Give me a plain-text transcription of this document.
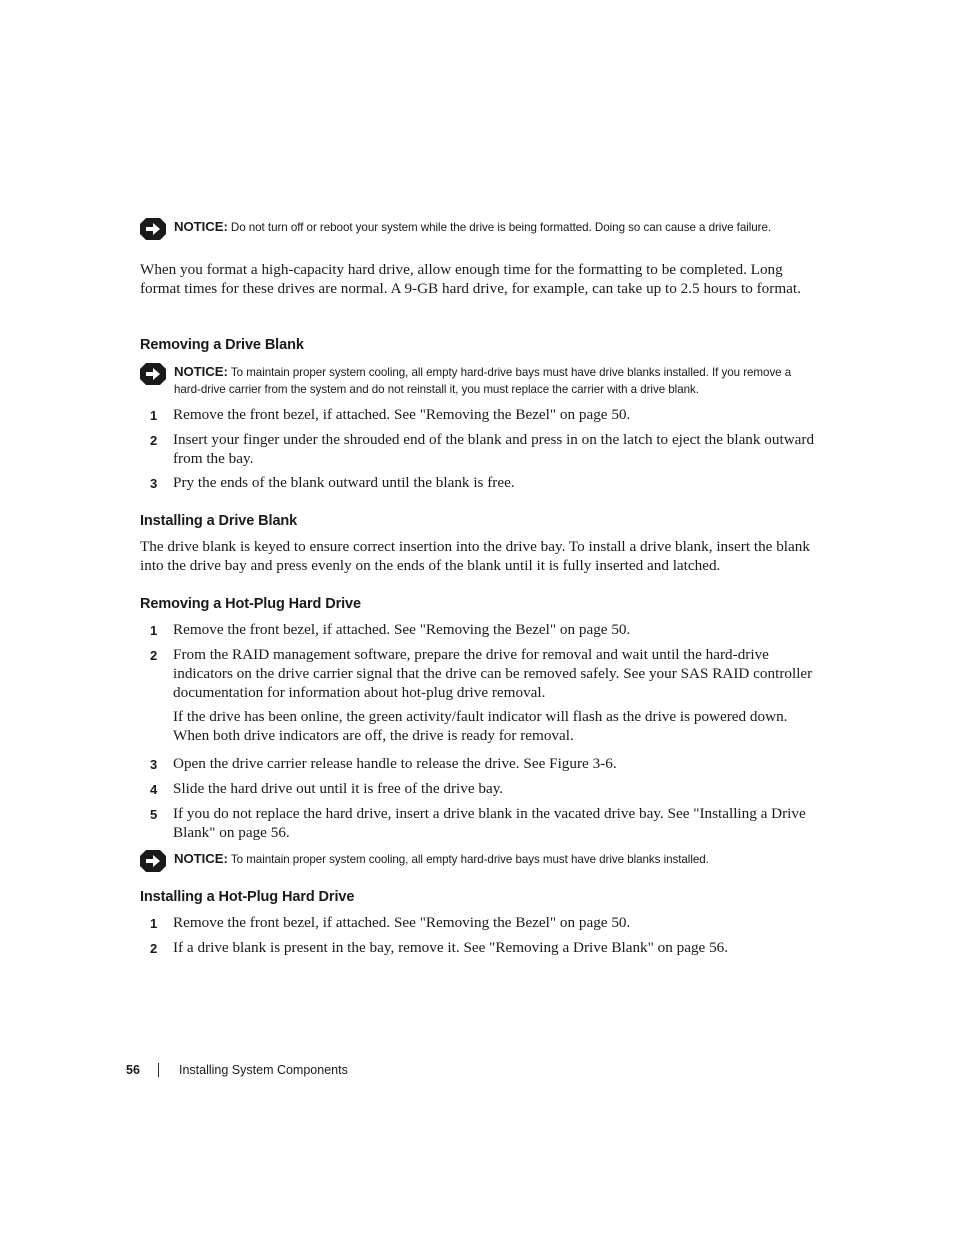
NOTICE: Do not turn off or reboot your system while the drive is being formatted. Doing so can cause a drive failure.
When you format a high-capacity hard drive, allow enough time for the formatting to be completed. Long format times for these drives are normal. A 9-GB hard drive, for example, can take up to 2.5 hours to format.
Removing a Drive Blank
NOTICE: To maintain proper system cooling, all empty hard-drive bays must have drive blanks installed. If you remove a hard-drive carrier from the system and do not reinstall it, you must replace the carrier with a drive blank.
1 Remove the front bezel, if attached. See "Removing the Bezel" on page 50.
2 Insert your finger under the shrouded end of the blank and press in on the latch to eject the blank outward from the bay.
3 Pry the ends of the blank outward until the blank is free.
Installing a Drive Blank
The drive blank is keyed to ensure correct insertion into the drive bay. To install a drive blank, insert the blank into the drive bay and press evenly on the ends of the blank until it is fully inserted and latched.
Removing a Hot-Plug Hard Drive
1 Remove the front bezel, if attached. See "Removing the Bezel" on page 50.
2 From the RAID management software, prepare the drive for removal and wait until the hard-drive indicators on the drive carrier signal that the drive can be removed safely. See your SAS RAID controller documentation for information about hot-plug drive removal.
If the drive has been online, the green activity/fault indicator will flash as the drive is powered down. When both drive indicators are off, the drive is ready for removal.
3 Open the drive carrier release handle to release the drive. See Figure 3-6.
4 Slide the hard drive out until it is free of the drive bay.
5 If you do not replace the hard drive, insert a drive blank in the vacated drive bay. See "Installing a Drive Blank" on page 56.
NOTICE: To maintain proper system cooling, all empty hard-drive bays must have drive blanks installed.
Installing a Hot-Plug Hard Drive
1 Remove the front bezel, if attached. See "Removing the Bezel" on page 50.
2 If a drive blank is present in the bay, remove it. See "Removing a Drive Blank" on page 56.
56	Installing System Components
